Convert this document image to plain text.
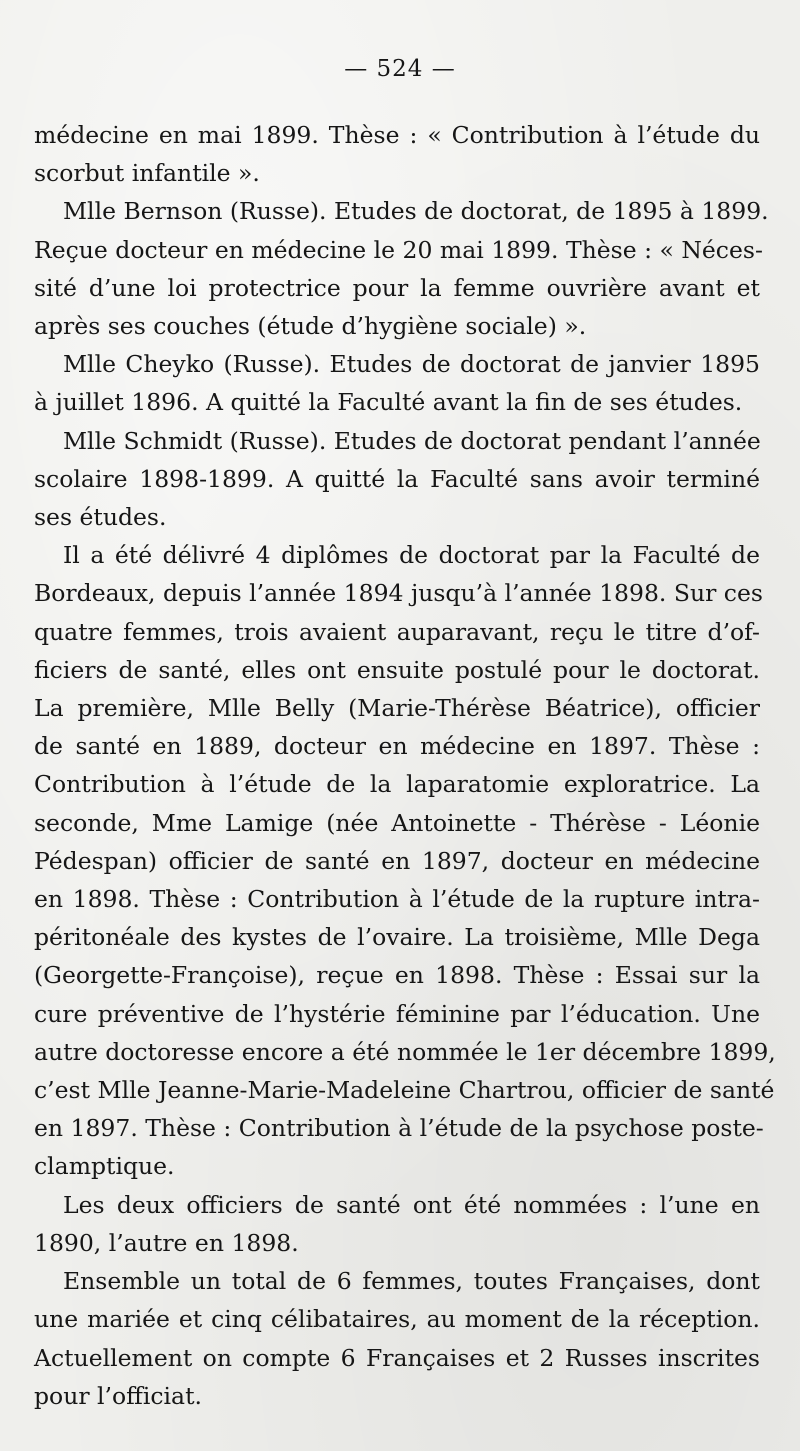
— 524 —

médecine en mai 1899. Thèse : « Contribution à l’étude du
scorbut infantile ».

Mlle Bernson (Russe). Etudes de doctorat, de 1895 à 1899.
Reçue docteur en médecine le 20 mai 1899. Thèse : « Néces-
sité d’une loi protectrice pour la femme ouvrière avant et
après ses couches (étude d’hygiène sociale) ».

Mlle Cheyko (Russe). Etudes de doctorat de janvier 1895
à juillet 1896. A quitté la Faculté avant la fin de ses études.

Mlle Schmidt (Russe). Etudes de doctorat pendant l’année
scolaire 1898-1899. A quitté la Faculté sans avoir terminé
ses études.

Il a été délivré 4 diplômes de doctorat par la Faculté de
Bordeaux, depuis l’année 1894 jusqu’à l’année 1898. Sur ces
quatre femmes, trois avaient auparavant, reçu le titre d’of-
ficiers de santé, elles ont ensuite postulé pour le doctorat.
La première, Mlle Belly (Marie-Thérèse Béatrice), officier
de santé en 1889, docteur en médecine en 1897. Thèse :
Contribution à l’étude de la laparatomie exploratrice. La
seconde, Mme Lamige (née Antoinette - Thérèse - Léonie
Pédespan) officier de santé en 1897, docteur en médecine
en 1898. Thèse : Contribution à l’étude de la rupture intra-
péritonéale des kystes de l’ovaire. La troisième, Mlle Dega
(Georgette-Françoise), reçue en 1898. Thèse : Essai sur la
cure préventive de l’hystérie féminine par l’éducation. Une
autre doctoresse encore a été nommée le 1er décembre 1899,
c’est Mlle Jeanne-Marie-Madeleine Chartrou, officier de santé
en 1897. Thèse : Contribution à l’étude de la psychose poste-
clamptique.

Les deux officiers de santé ont été nommées : l’une en
1890, l’autre en 1898.

Ensemble un total de 6 femmes, toutes Françaises, dont
une mariée et cinq célibataires, au moment de la réception.
Actuellement on compte 6 Françaises et 2 Russes inscrites
pour l’officiat.
